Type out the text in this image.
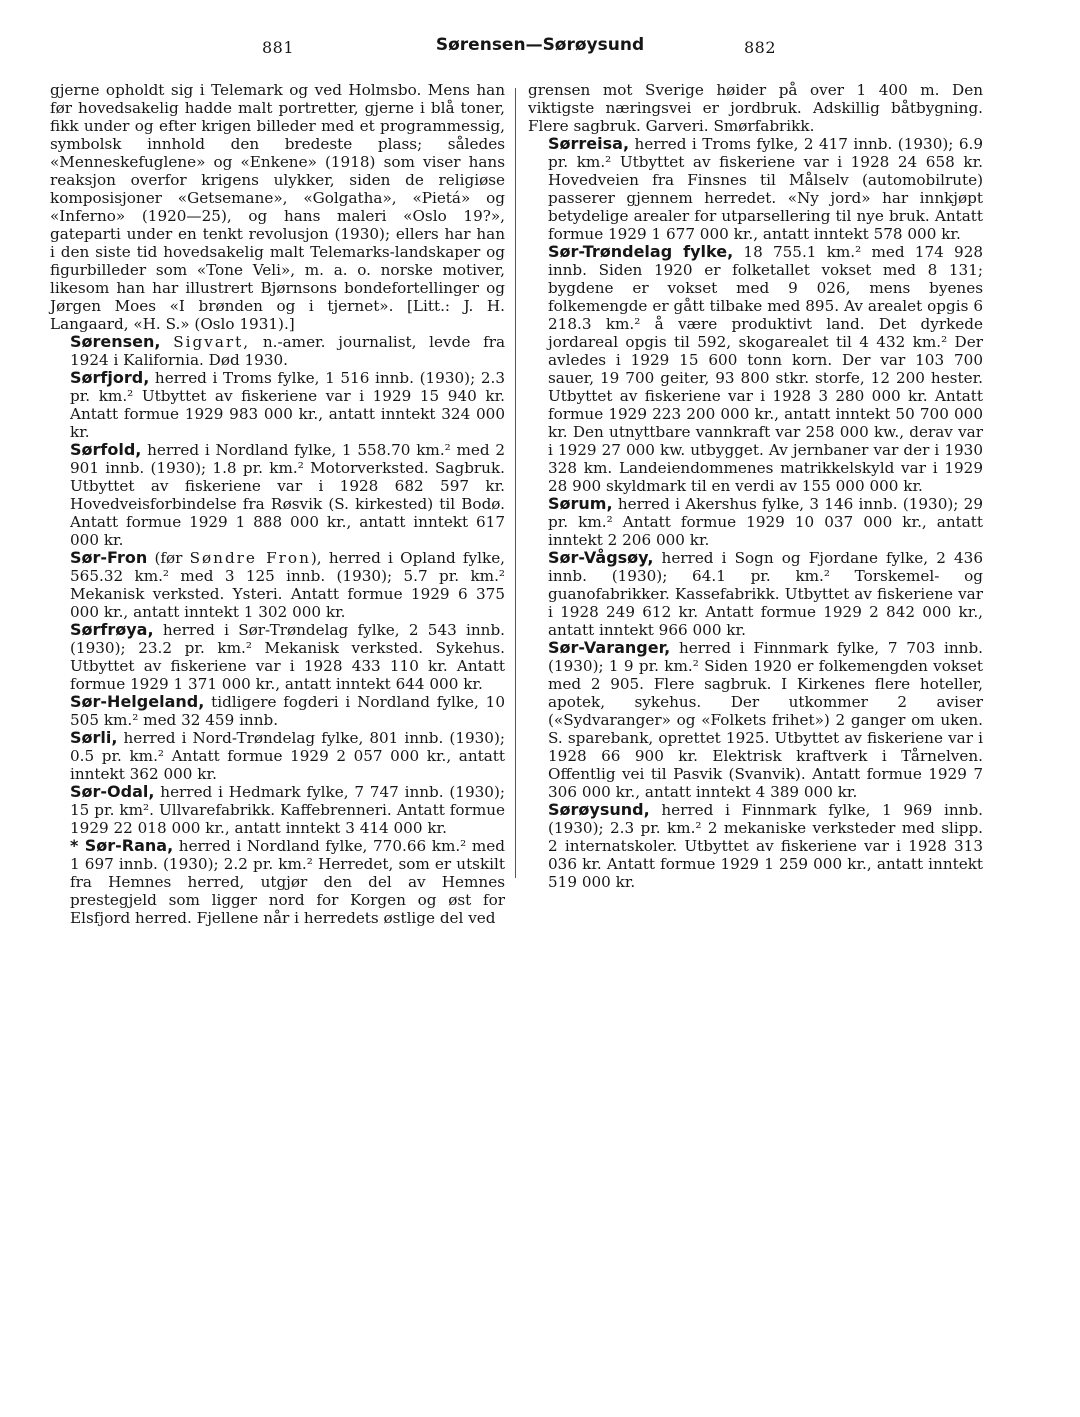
881	Sørensen—Sørøysund	882

gjerne opholdt sig i Telemark og ved Holmsbo. Mens han før hovedsakelig hadde malt portretter, gjerne i blå toner, fikk under og efter krigen billeder med et programmessig, symbolsk innhold den bredeste plass; således «Menneskefuglene» og «Enkene» (1918) som viser hans reaksjon overfor krigens ulykker, siden de religiøse komposisjoner «Getsemane», «Golgatha», «Pietá» og «Inferno» (1920—25), og hans maleri «Oslo 19?», gateparti under en tenkt revolusjon (1930); ellers har han i den siste tid hovedsakelig malt Telemarks-landskaper og figurbilleder som «Tone Veli», m. a. o. norske motiver, likesom han har illustrert Bjørnsons bondefortellinger og Jørgen Moes «I brønden og i tjernet». [Litt.: J. H. Langaard, «H. S.» (Oslo 1931).]

Sørensen, Sigvart, n.-amer. journalist, levde fra 1924 i Kalifornia. Død 1930.

Sørfjord, herred i Troms fylke, 1 516 innb. (1930); 2.3 pr. km.² Utbyttet av fiskeriene var i 1929 15 940 kr. Antatt formue 1929 983 000 kr., antatt inntekt 324 000 kr.

Sørfold, herred i Nordland fylke, 1 558.70 km.² med 2 901 innb. (1930); 1.8 pr. km.² Motorverksted. Sagbruk. Utbyttet av fiskeriene var i 1928 682 597 kr. Hovedveisforbindelse fra Røsvik (S. kirkested) til Bodø. Antatt formue 1929 1 888 000 kr., antatt inntekt 617 000 kr.

Sør-Fron (før Søndre Fron), herred i Opland fylke, 565.32 km.² med 3 125 innb. (1930); 5.7 pr. km.² Mekanisk verksted. Ysteri. Antatt formue 1929 6 375 000 kr., antatt inntekt 1 302 000 kr.

Sørfrøya, herred i Sør-Trøndelag fylke, 2 543 innb. (1930); 23.2 pr. km.² Mekanisk verksted. Sykehus. Utbyttet av fiskeriene var i 1928 433 110 kr. Antatt formue 1929 1 371 000 kr., antatt inntekt 644 000 kr.

Sør-Helgeland, tidligere fogderi i Nordland fylke, 10 505 km.² med 32 459 innb.

Sørli, herred i Nord-Trøndelag fylke, 801 innb. (1930); 0.5 pr. km.² Antatt formue 1929 2 057 000 kr., antatt inntekt 362 000 kr.

Sør-Odal, herred i Hedmark fylke, 7 747 innb. (1930); 15 pr. km². Ullvarefabrikk. Kaffebrenneri. Antatt formue 1929 22 018 000 kr., antatt inntekt 3 414 000 kr.

* Sør-Rana, herred i Nordland fylke, 770.66 km.² med 1 697 innb. (1930); 2.2 pr. km.² Herredet, som er utskilt fra Hemnes herred, utgjør den del av Hemnes prestegjeld som ligger nord for Korgen og øst for Elsfjord herred. Fjellene når i herredets østlige del ved

grensen mot Sverige høider på over 1 400 m. Den viktigste næringsvei er jordbruk. Adskillig båtbygning. Flere sagbruk. Garveri. Smørfabrikk.

Sørreisa, herred i Troms fylke, 2 417 innb. (1930); 6.9 pr. km.² Utbyttet av fiskeriene var i 1928 24 658 kr. Hovedveien fra Finsnes til Målselv (automobilrute) passerer gjennem herredet. «Ny jord» har innkjøpt betydelige arealer for utparsellering til nye bruk. Antatt formue 1929 1 677 000 kr., antatt inntekt 578 000 kr.

Sør-Trøndelag fylke, 18 755.1 km.² med 174 928 innb. Siden 1920 er folketallet vokset med 8 131; bygdene er vokset med 9 026, mens byenes folkemengde er gått tilbake med 895. Av arealet opgis 6 218.3 km.² å være produktivt land. Det dyrkede jordareal opgis til 592, skogarealet til 4 432 km.² Der avledes i 1929 15 600 tonn korn. Der var 103 700 sauer, 19 700 geiter, 93 800 stkr. storfe, 12 200 hester. Utbyttet av fiskeriene var i 1928 3 280 000 kr. Antatt formue 1929 223 200 000 kr., antatt inntekt 50 700 000 kr. Den utnyttbare vannkraft var 258 000 kw., derav var i 1929 27 000 kw. utbygget. Av jernbaner var der i 1930 328 km. Landeiendommenes matrikkelskyld var i 1929 28 900 skyldmark til en verdi av 155 000 000 kr.

Sørum, herred i Akershus fylke, 3 146 innb. (1930); 29 pr. km.² Antatt formue 1929 10 037 000 kr., antatt inntekt 2 206 000 kr.

Sør-Vågsøy, herred i Sogn og Fjordane fylke, 2 436 innb. (1930); 64.1 pr. km.² Torskemel- og guanofabrikker. Kassefabrikk. Utbyttet av fiskeriene var i 1928 249 612 kr. Antatt formue 1929 2 842 000 kr., antatt inntekt 966 000 kr.

Sør-Varanger, herred i Finnmark fylke, 7 703 innb. (1930); 1 9 pr. km.² Siden 1920 er folkemengden vokset med 2 905. Flere sagbruk. I Kirkenes flere hoteller, apotek, sykehus. Der utkommer 2 aviser («Sydvaranger» og «Folkets frihet») 2 ganger om uken. S. sparebank, oprettet 1925. Utbyttet av fiskeriene var i 1928 66 900 kr. Elektrisk kraftverk i Tårnelven. Offentlig vei til Pasvik (Svanvik). Antatt formue 1929 7 306 000 kr., antatt inntekt 4 389 000 kr.

Sørøysund, herred i Finnmark fylke, 1 969 innb. (1930); 2.3 pr. km.² 2 mekaniske verksteder med slipp. 2 internatskoler. Utbyttet av fiskeriene var i 1928 313 036 kr. Antatt formue 1929 1 259 000 kr., antatt inntekt 519 000 kr.
